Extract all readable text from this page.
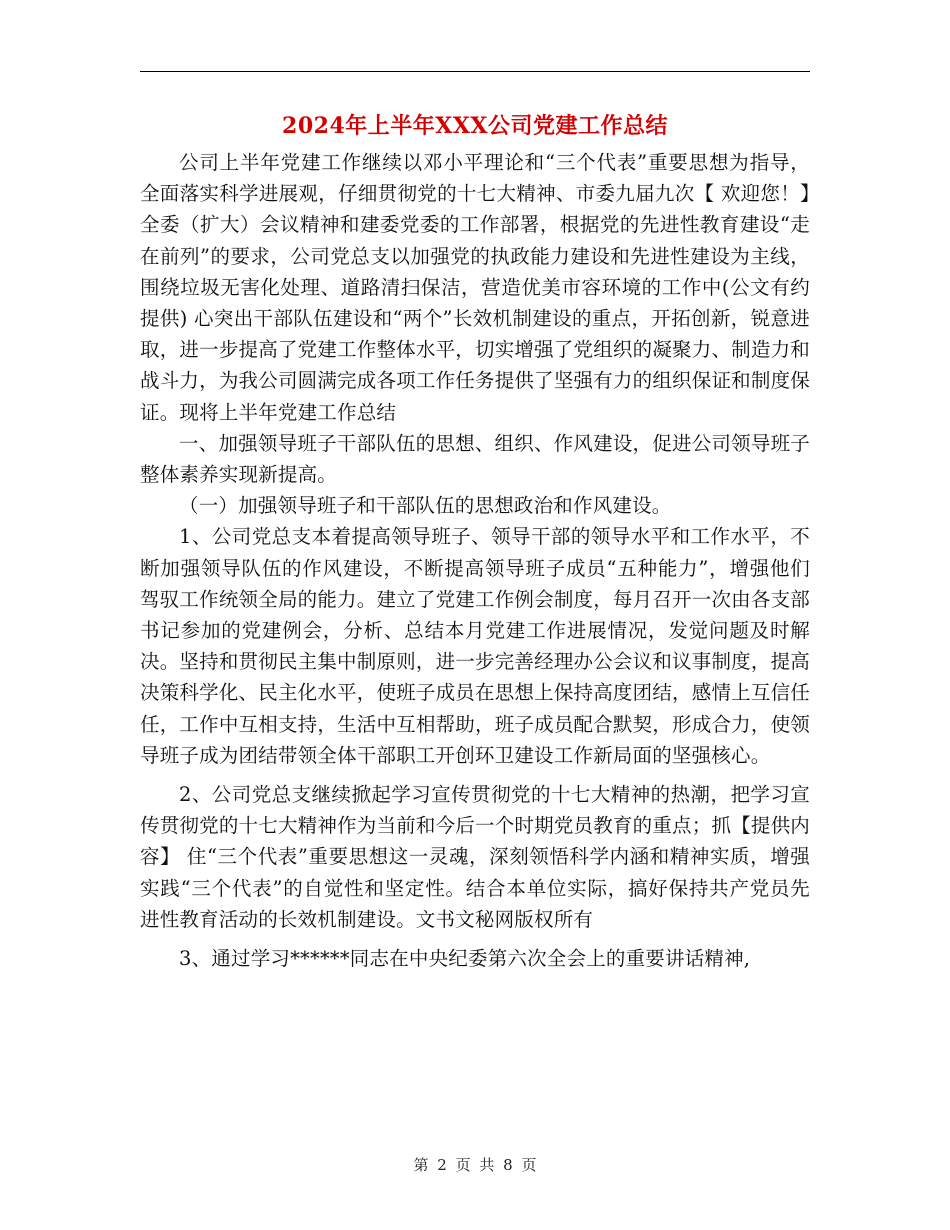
2024年上半年XXX公司党建工作总结

公司上半年党建工作继续以邓小平理论和“三个代表”重要思想为指导，全面落实科学进展观，仔细贯彻党的十七大精神、市委九届九次【 欢迎您！】全委（扩大）会议精神和建委党委的工作部署，根据党的先进性教育建设“走在前列”的要求，公司党总支以加强党的执政能力建设和先进性建设为主线，围绕垃圾无害化处理、道路清扫保洁，营造优美市容环境的工作中(公文有约提供) 心突出干部队伍建设和“两个”长效机制建设的重点，开拓创新，锐意进取，进一步提高了党建工作整体水平，切实增强了党组织的凝聚力、制造力和战斗力，为我公司圆满完成各项工作任务提供了坚强有力的组织保证和制度保证。现将上半年党建工作总结

一、加强领导班子干部队伍的思想、组织、作风建设，促进公司领导班子整体素养实现新提高。

（一）加强领导班子和干部队伍的思想政治和作风建设。

1、公司党总支本着提高领导班子、领导干部的领导水平和工作水平，不断加强领导队伍的作风建设，不断提高领导班子成员“五种能力”，增强他们驾驭工作统领全局的能力。建立了党建工作例会制度，每月召开一次由各支部书记参加的党建例会，分析、总结本月党建工作进展情况，发觉问题及时解决。坚持和贯彻民主集中制原则，进一步完善经理办公会议和议事制度，提高决策科学化、民主化水平，使班子成员在思想上保持高度团结，感情上互信任任，工作中互相支持，生活中互相帮助，班子成员配合默契，形成合力，使领导班子成为团结带领全体干部职工开创环卫建设工作新局面的坚强核心。

2、公司党总支继续掀起学习宣传贯彻党的十七大精神的热潮，把学习宣传贯彻党的十七大精神作为当前和今后一个时期党员教育的重点；抓【提供内容】 住“三个代表”重要思想这一灵魂，深刻领悟科学内涵和精神实质，增强实践“三个代表”的自觉性和坚定性。结合本单位实际，搞好保持共产党员先进性教育活动的长效机制建设。文书文秘网版权所有

3、通过学习******同志在中央纪委第六次全会上的重要讲话精神,

第 2 页 共 8 页
